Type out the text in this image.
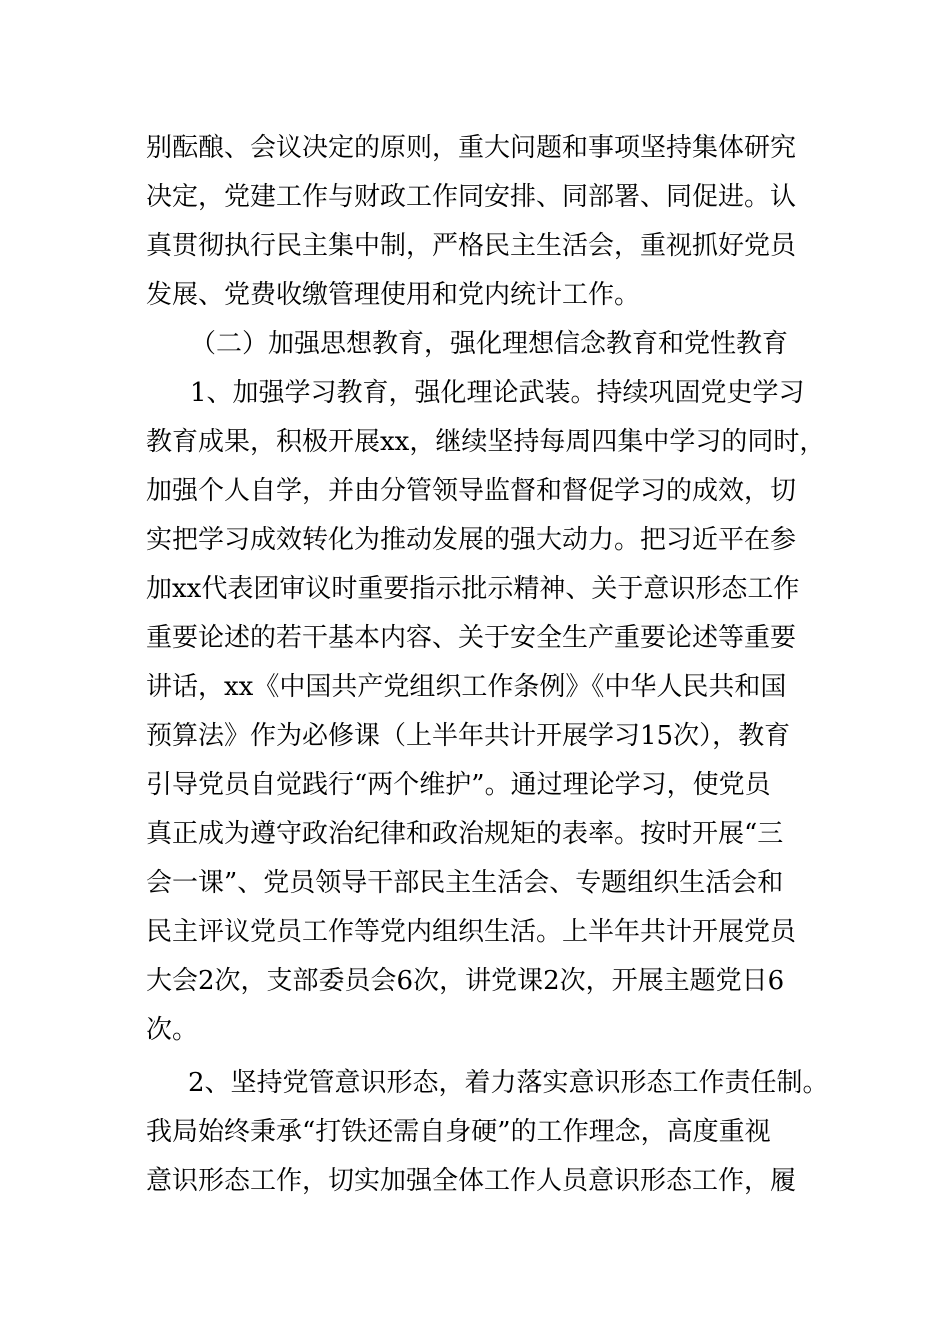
别酝酿、会议决定的原则，重大问题和事项坚持集体研究
决定，党建工作与财政工作同安排、同部署、同促进。认
真贯彻执行民主集中制，严格民主生活会，重视抓好党员
发展、党费收缴管理使用和党内统计工作。
（二）加强思想教育，强化理想信念教育和党性教育
1、加强学习教育，强化理论武装。持续巩固党史学习
教育成果，积极开展xx，继续坚持每周四集中学习的同时，
加强个人自学，并由分管领导监督和督促学习的成效，切
实把学习成效转化为推动发展的强大动力。把习近平在参
加xx代表团审议时重要指示批示精神、关于意识形态工作
重要论述的若干基本内容、关于安全生产重要论述等重要
讲话，xx《中国共产党组织工作条例》《中华人民共和国
预算法》作为必修课（上半年共计开展学习15次），教育
引导党员自觉践行“两个维护”。通过理论学习，使党员
真正成为遵守政治纪律和政治规矩的表率。按时开展“三
会一课”、党员领导干部民主生活会、专题组织生活会和
民主评议党员工作等党内组织生活。上半年共计开展党员
大会2次，支部委员会6次，讲党课2次，开展主题党日6
次。
2、坚持党管意识形态，着力落实意识形态工作责任制。
我局始终秉承“打铁还需自身硬”的工作理念，高度重视
意识形态工作，切实加强全体工作人员意识形态工作，履
